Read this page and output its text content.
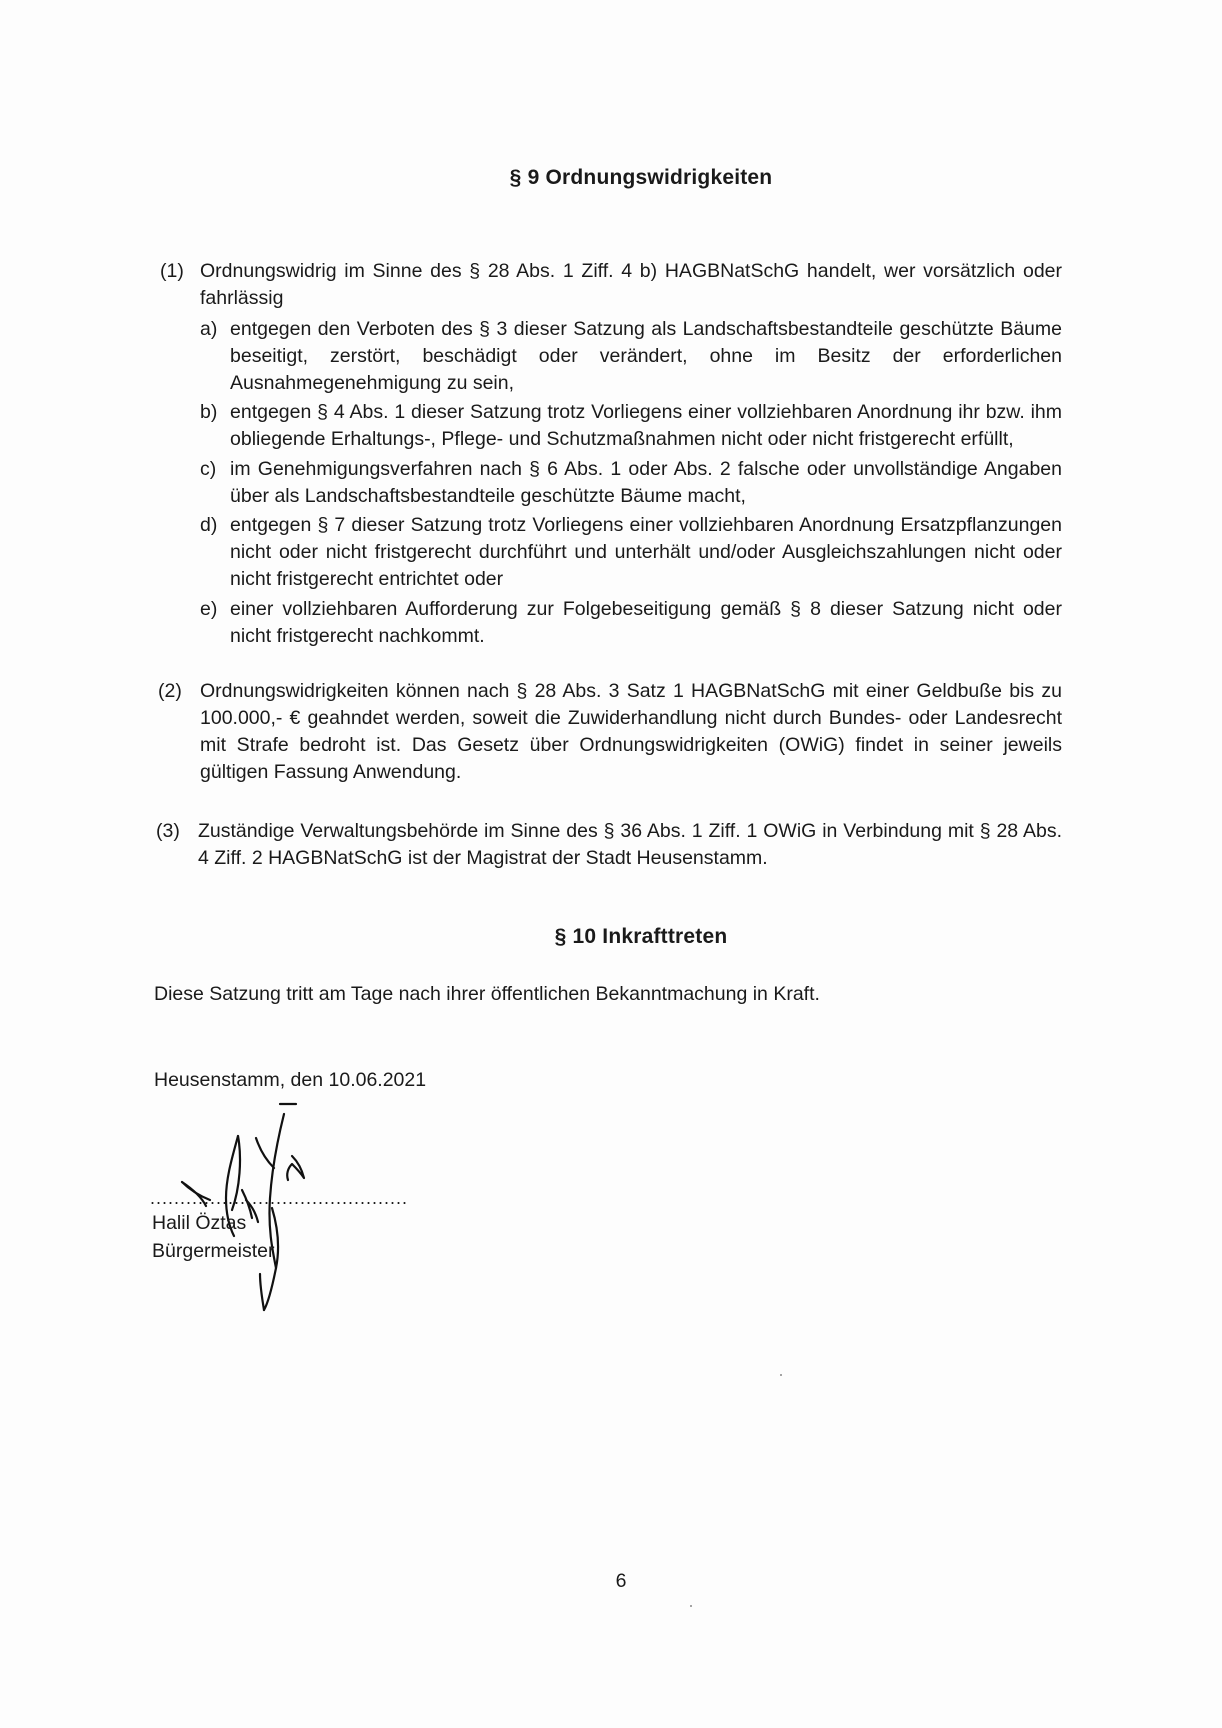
§ 9 Ordnungswidrigkeiten
(1) Ordnungswidrig im Sinne des § 28 Abs. 1 Ziff. 4 b) HAGBNatSchG handelt, wer vorsätzlich oder fahrlässig
a) entgegen den Verboten des § 3 dieser Satzung als Landschaftsbestandteile geschützte Bäume beseitigt, zerstört, beschädigt oder verändert, ohne im Besitz der erforderlichen Ausnahmegenehmigung zu sein,
b) entgegen § 4 Abs. 1 dieser Satzung trotz Vorliegens einer vollziehbaren Anordnung ihr bzw. ihm obliegende Erhaltungs-, Pflege- und Schutzmaßnahmen nicht oder nicht fristgerecht erfüllt,
c) im Genehmigungsverfahren nach § 6 Abs. 1 oder Abs. 2 falsche oder unvollständige Angaben über als Landschaftsbestandteile geschützte Bäume macht,
d) entgegen § 7 dieser Satzung trotz Vorliegens einer vollziehbaren Anordnung Ersatzpflanzungen nicht oder nicht fristgerecht durchführt und unterhält und/oder Ausgleichszahlungen nicht oder nicht fristgerecht entrichtet oder
e) einer vollziehbaren Aufforderung zur Folgebeseitigung gemäß § 8 dieser Satzung nicht oder nicht fristgerecht nachkommt.
(2) Ordnungswidrigkeiten können nach § 28 Abs. 3 Satz 1 HAGBNatSchG mit einer Geldbuße bis zu 100.000,- € geahndet werden, soweit die Zuwiderhandlung nicht durch Bundes- oder Landesrecht mit Strafe bedroht ist. Das Gesetz über Ordnungswidrigkeiten (OWiG) findet in seiner jeweils gültigen Fassung Anwendung.
(3) Zuständige Verwaltungsbehörde im Sinne des § 36 Abs. 1 Ziff. 1 OWiG in Verbindung mit § 28 Abs. 4 Ziff. 2 HAGBNatSchG ist der Magistrat der Stadt Heusenstamm.
§ 10 Inkrafttreten
Diese Satzung tritt am Tage nach ihrer öffentlichen Bekanntmachung in Kraft.
Heusenstamm, den 10.06.2021
...........................................
Halil Öztas
Bürgermeister
6
